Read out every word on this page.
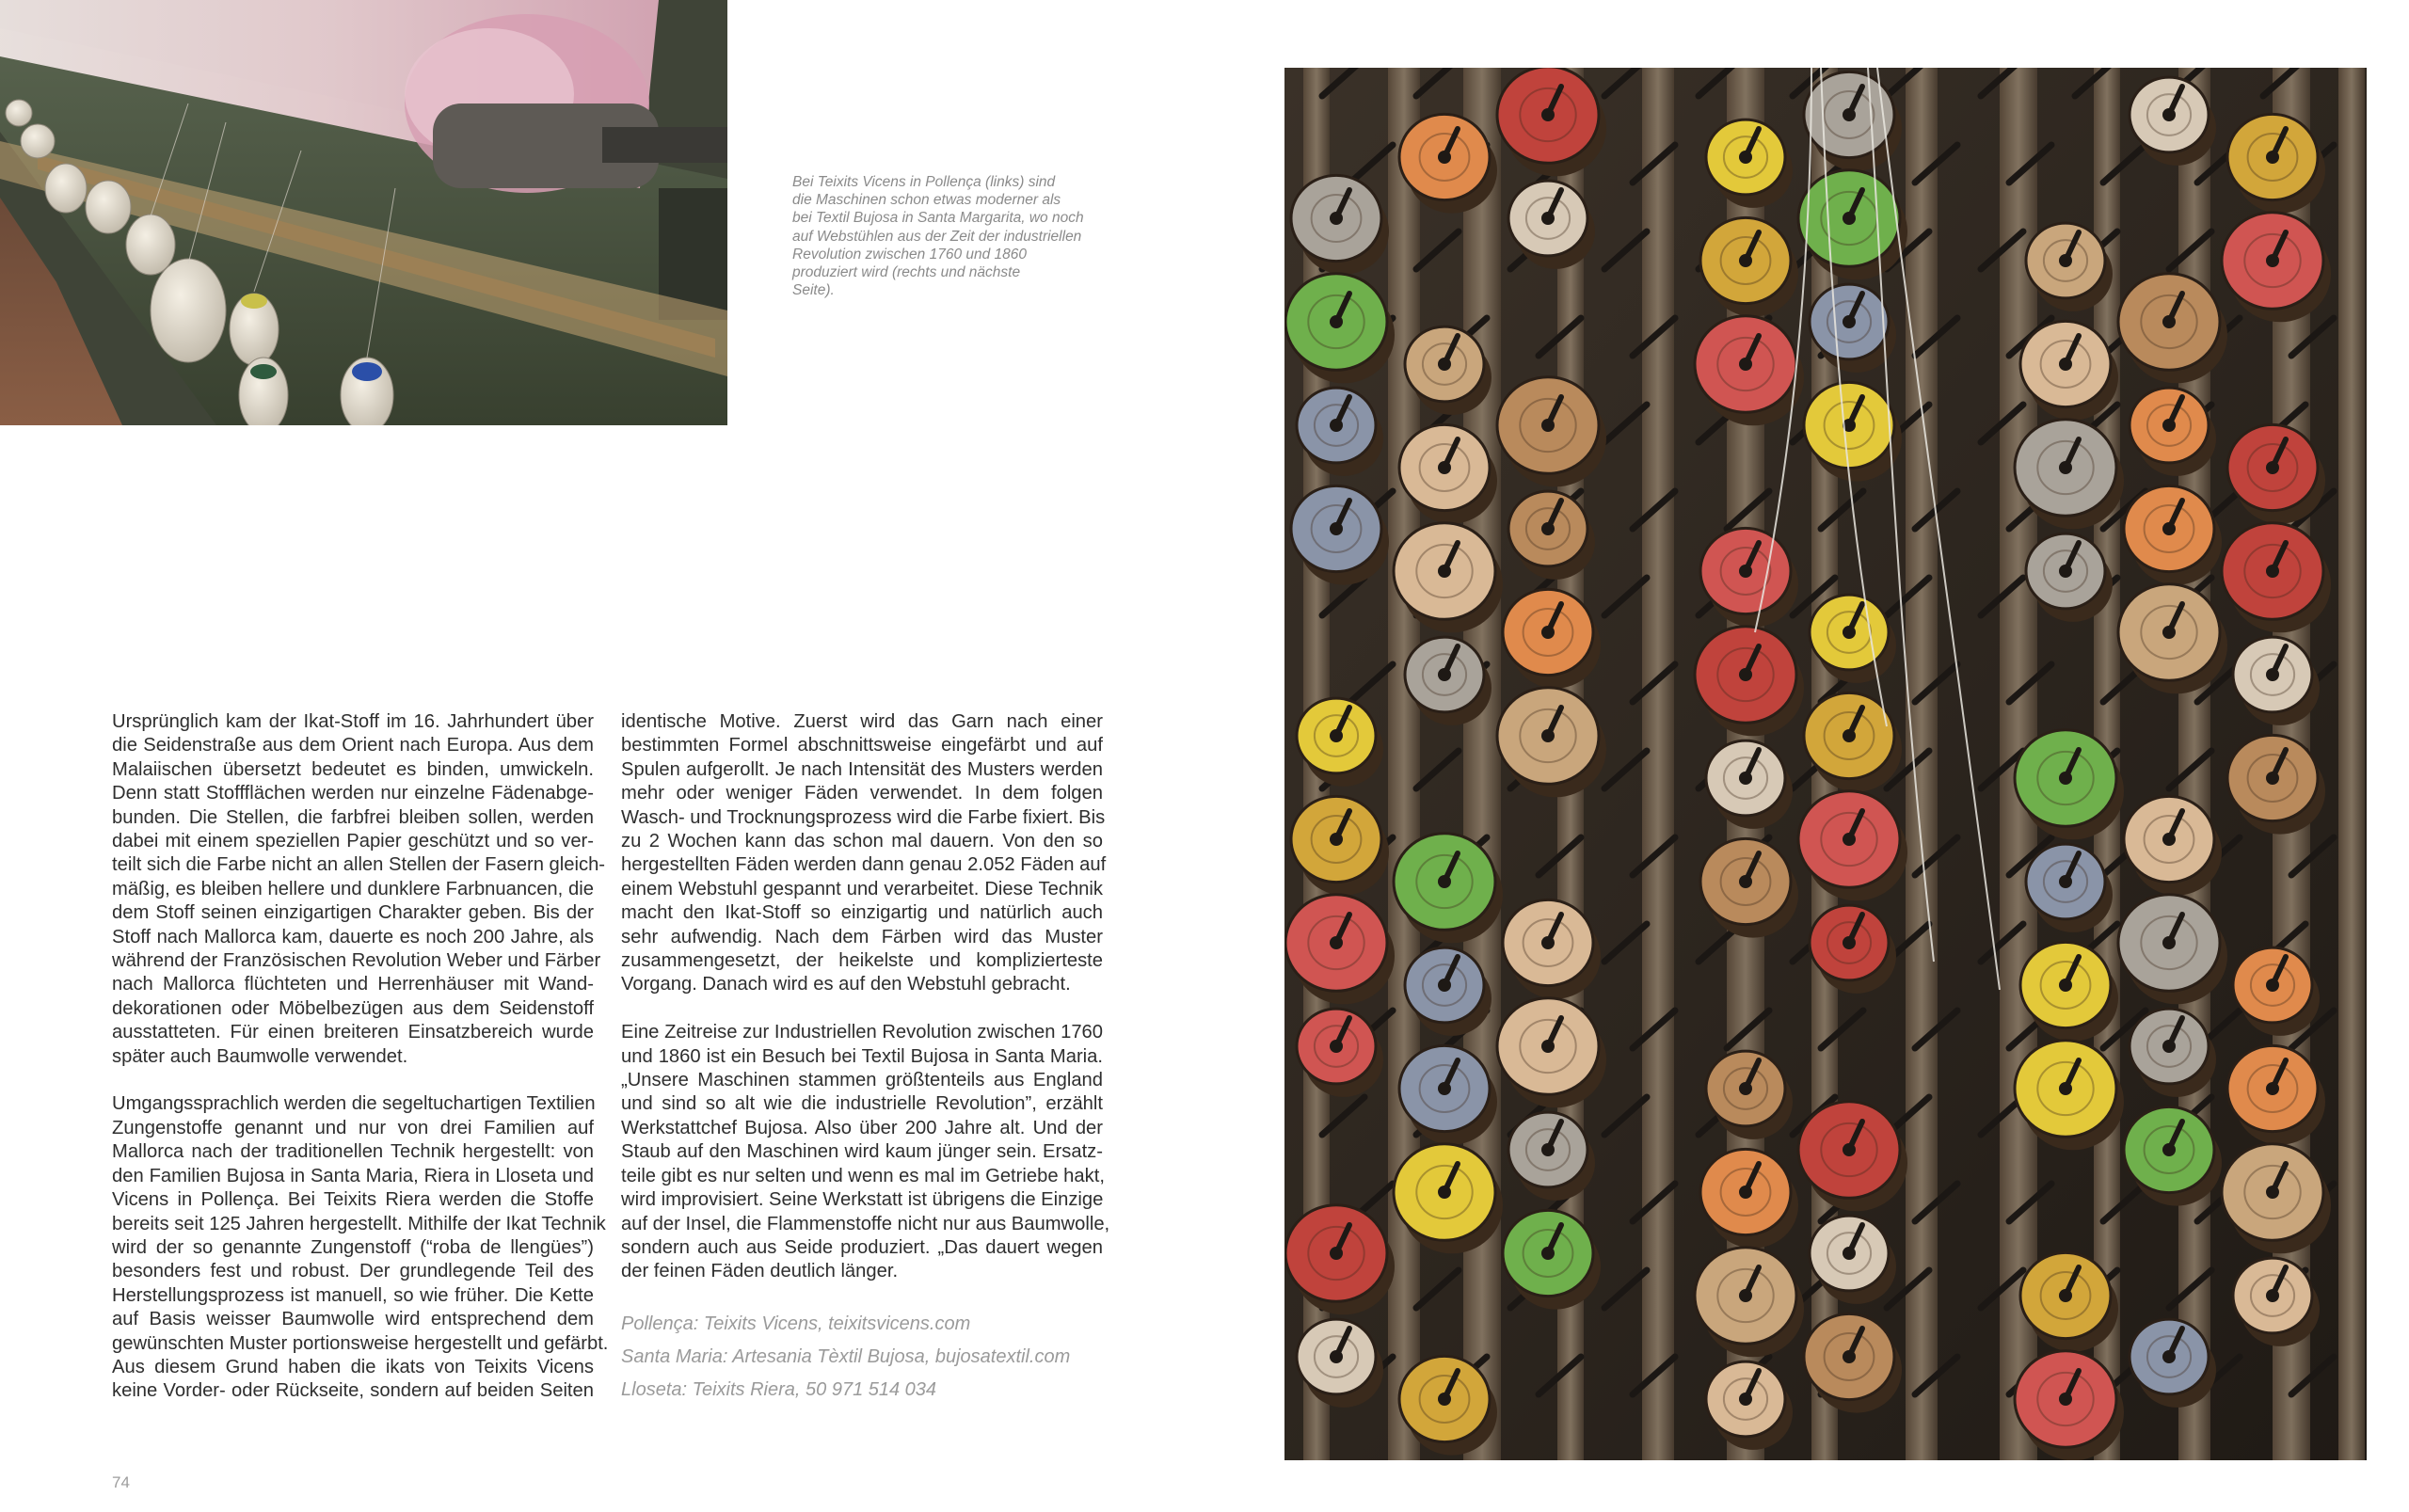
Bei Teixits Vicens in Pollença (links) sind
die Maschinen schon etwas moderner als
bei Textil Bujosa in Santa Margarita, wo noch
auf Webstühlen aus der Zeit der industriellen
Revolution zwischen 1760 und 1860
produziert wird (rechts und nächste
Seite).
Ursprünglich kam der Ikat-Stoff im 16. Jahrhundert über
die Seidenstraße aus dem Orient nach Europa. Aus dem
Malaiischen übersetzt bedeutet es binden, umwickeln.
Denn statt Stoffflächen werden nur einzelne Fädenabge-
bunden. Die Stellen, die farbfrei bleiben sollen, werden
dabei mit einem speziellen Papier geschützt und so ver-
teilt sich die Farbe nicht an allen Stellen der Fasern gleich-
mäßig, es bleiben hellere und dunklere Farbnuancen, die
dem Stoff seinen einzigartigen Charakter geben. Bis der
Stoff nach Mallorca kam, dauerte es noch 200 Jahre, als
während der Französischen Revolution Weber und Färber
nach Mallorca flüchteten und Herrenhäuser mit Wand-
dekorationen oder Möbelbezügen aus dem Seidenstoff
ausstatteten. Für einen breiteren Einsatzbereich wurde
später auch Baumwolle verwendet.
Umgangssprachlich werden die segeltuchartigen Textilien
Zungenstoffe genannt und nur von drei Familien auf
Mallorca nach der traditionellen Technik hergestellt: von
den Familien Bujosa in Santa Maria, Riera in Lloseta und
Vicens in Pollença. Bei Teixits Riera werden die Stoffe
bereits seit 125 Jahren hergestellt. Mithilfe der Ikat Technik
wird der so genannte Zungenstoff (“roba de llengües”)
besonders fest und robust. Der grundlegende Teil des
Herstellungsprozess ist manuell, so wie früher. Die Kette
auf Basis weisser Baumwolle wird entsprechend dem
gewünschten Muster portionsweise hergestellt und gefärbt.
Aus diesem Grund haben die ikats von Teixits Vicens
keine Vorder- oder Rückseite, sondern auf beiden Seiten
identische Motive. Zuerst wird das Garn nach einer
bestimmten Formel abschnittsweise eingefärbt und auf
Spulen aufgerollt. Je nach Intensität des Musters werden
mehr oder weniger Fäden verwendet. In dem folgen
Wasch- und Trocknungsprozess wird die Farbe fixiert. Bis
zu 2 Wochen kann das schon mal dauern. Von den so
hergestellten Fäden werden dann genau 2.052 Fäden auf
einem Webstuhl gespannt und verarbeitet. Diese Technik
macht den Ikat-Stoff so einzigartig und natürlich auch
sehr aufwendig. Nach dem Färben wird das Muster
zusammengesetzt, der heikelste und komplizierteste
Vorgang. Danach wird es auf den Webstuhl gebracht.
Eine Zeitreise zur Industriellen Revolution zwischen 1760
und 1860 ist ein Besuch bei Textil Bujosa in Santa Maria.
„Unsere Maschinen stammen größtenteils aus England
und sind so alt wie die industrielle Revolution”, erzählt
Werkstattchef Bujosa. Also über 200 Jahre alt. Und der
Staub auf den Maschinen wird kaum jünger sein. Ersatz-
teile gibt es nur selten und wenn es mal im Getriebe hakt,
wird improvisiert. Seine Werkstatt ist übrigens die Einzige
auf der Insel, die Flammenstoffe nicht nur aus Baumwolle,
sondern auch aus Seide produziert. „Das dauert wegen
der feinen Fäden deutlich länger.
Pollença: Teixits Vicens, teixitsvicens.com
Santa Maria: Artesania Tèxtil Bujosa, bujosatextil.com
Lloseta: Teixits Riera, 50 971 514 034
74
